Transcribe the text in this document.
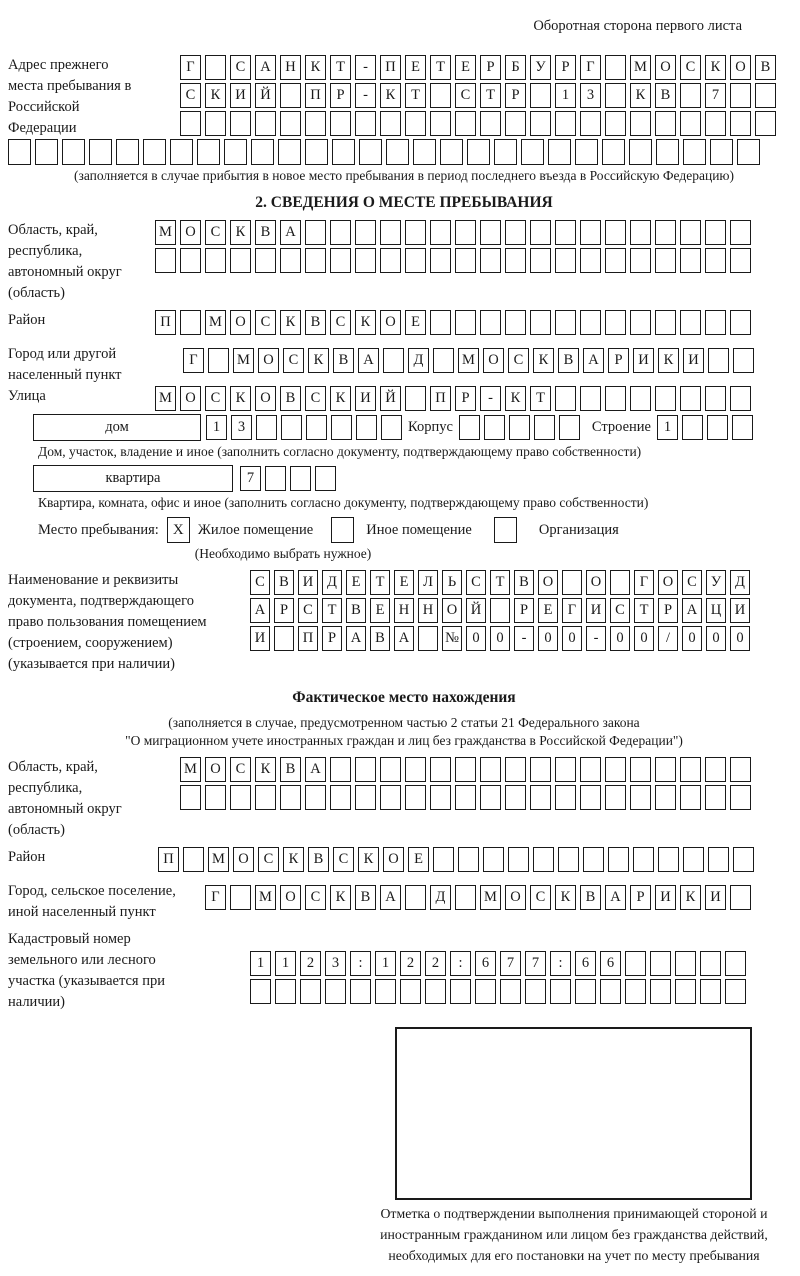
Оборотная сторона первого листа
Адрес прежнего места пребывания в Российской Федерации
Г	С	А	Н	К	Т	-	П	Е	Т	Е	Р	Б	У	Р	Г	М О	С	К	О	В
С	К	И	Й	П	Р	-	К	Т	С	Т	Р	1	3	К	В	7
(заполняется в случае прибытия в новое место пребывания в период последнего въезда в Российскую Федерацию)
2. СВЕДЕНИЯ О МЕСТЕ ПРЕБЫВАНИЯ
Область, край, республика, автономный округ (область)
М О	С	К	В	А
Район	П	М О	С	К	В	С	К	О	Е
Город или другой населенный пункт
Г	М О	С	К	В	А	Д	М О	С	К	В	А	Р	И	К	И
Улица	М О	С	К	О	В	С	К	И	Й	П	Р	-	К	Т
дом	1	3	Корпус	Строение 1
Дом, участок, владение и иное (заполнить согласно документу, подтверждающему право собственности)
квартира	7
Квартира, комната, офис и иное (заполнить согласно документу, подтверждающему право собственности)
Место пребывания: X Жилое помещение	Иное помещение	Организация
(Необходимо выбрать нужное)
Наименование и реквизиты документа, подтверждающего право пользования помещением (строением, сооружением) (указывается при наличии)
С В И Д	Е	Т	Е	Л	Ь	С	Т	В О	О	Г	О С У Д
А	Р	С	Т	В	Е Н Н О Й	Р	Е	Г	И С	Т	Р	А Ц И
И	П	Р	А В А	№ 0	0	-	0	0	-	0	0	/	0	0	0
Фактическое место нахождения
(заполняется в случае, предусмотренном частью 2 статьи 21 Федерального закона
"О миграционном учете иностранных граждан и лиц без гражданства в Российской Федерации")
Область, край, республика, автономный округ (область)
М О	С	К	В	А
Район	П	М О	С	К	В	С	К	О	Е
Город, сельское поселение, иной населенный пункт
Г	М О	С	К	В	А	Д	М О	С	К	В	А	Р	И	К	И
Кадастровый номер земельного или лесного участка (указывается при наличии)
1	1	2	3	:	1	2	2	:	6	7	7	:	6	6
Отметка о подтверждении выполнения принимающей стороной и иностранным гражданином или лицом без гражданства действий, необходимых для его постановки на учет по месту пребывания
